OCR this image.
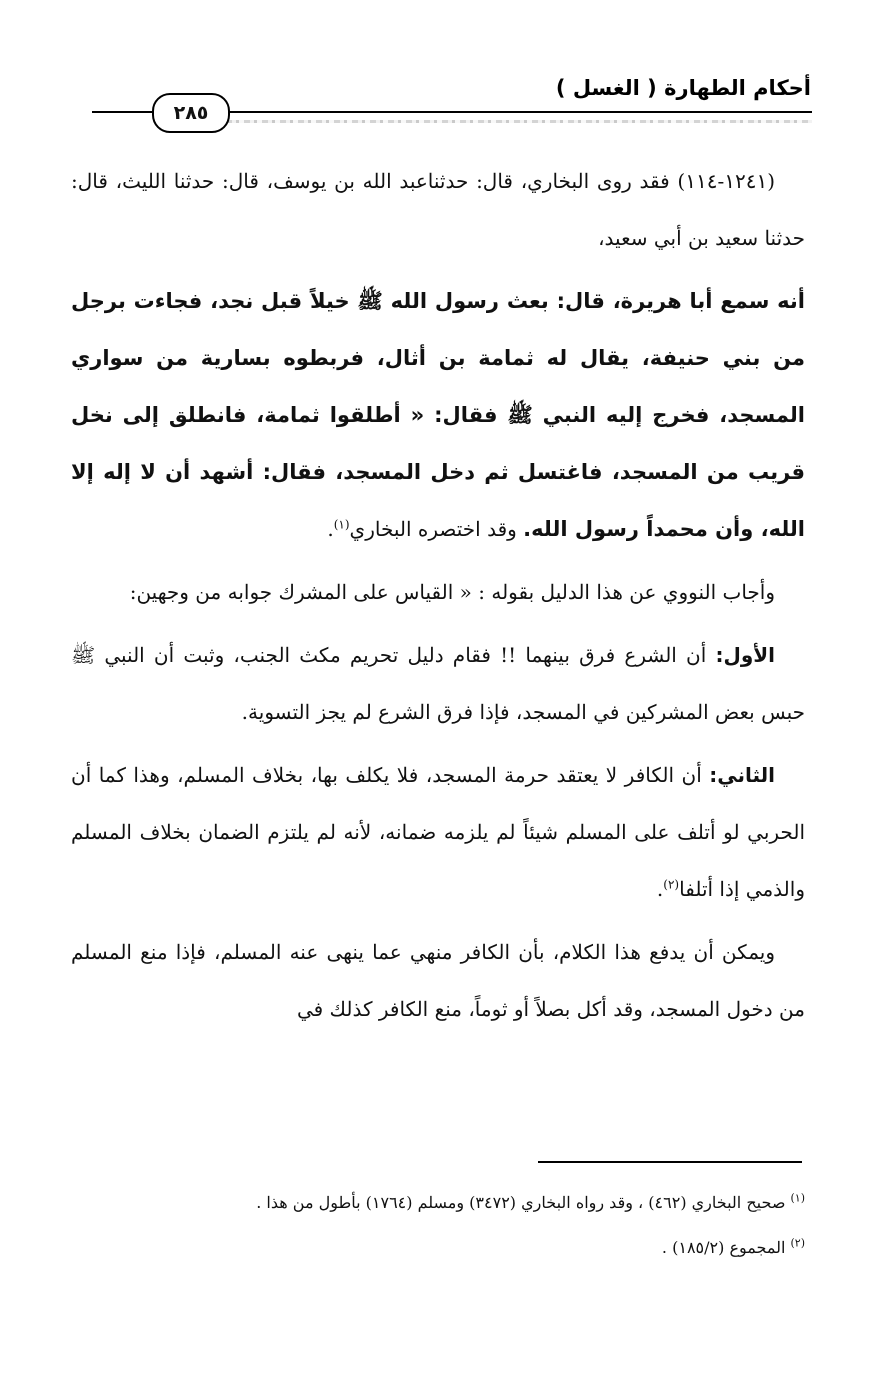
أحكام الطهارة ( الغسل )
٢٨٥

(١٢٤١-١١٤) فقد روى البخاري، قال: حدثناعبد الله بن يوسف، قال: حدثنا الليث، قال: حدثنا سعيد بن أبي سعيد،

أنه سمع أبا هريرة، قال: بعث رسول الله ﷺ خيلاً قبل نجد، فجاءت برجل من بني حنيفة، يقال له ثمامة بن أثال، فربطوه بسارية من سواري المسجد، فخرج إليه النبي ﷺ فقال: « أطلقوا ثمامة، فانطلق إلى نخل قريب من المسجد، فاغتسل ثم دخل المسجد، فقال: أشهد أن لا إله إلا الله، وأن محمداً رسول الله. وقد اختصره البخاري$^{(١)}$.

وأجاب النووي عن هذا الدليل بقوله : « القياس على المشرك جوابه من وجهين:

الأول: أن الشرع فرق بينهما !! فقام دليل تحريم مكث الجنب، وثبت أن النبي ﷺ حبس بعض المشركين في المسجد، فإذا فرق الشرع لم يجز التسوية.

الثاني: أن الكافر لا يعتقد حرمة المسجد، فلا يكلف بها، بخلاف المسلم، وهذا كما أن الحربي لو أتلف على المسلم شيئاً لم يلزمه ضمانه، لأنه لم يلتزم الضمان بخلاف المسلم والذمي إذا أتلفا$^{(٢)}$.

ويمكن أن يدفع هذا الكلام، بأن الكافر منهي عما ينهى عنه المسلم، فإذا منع المسلم من دخول المسجد، وقد أكل بصلاً أو ثوماً، منع الكافر كذلك في

$^{(١)}$ صحيح البخاري (٤٦٢) ، وقد رواه البخاري (٣٤٧٢) ومسلم (١٧٦٤) بأطول من هذا .

$^{(٢)}$ المجموع (١٨٥/٢) .
